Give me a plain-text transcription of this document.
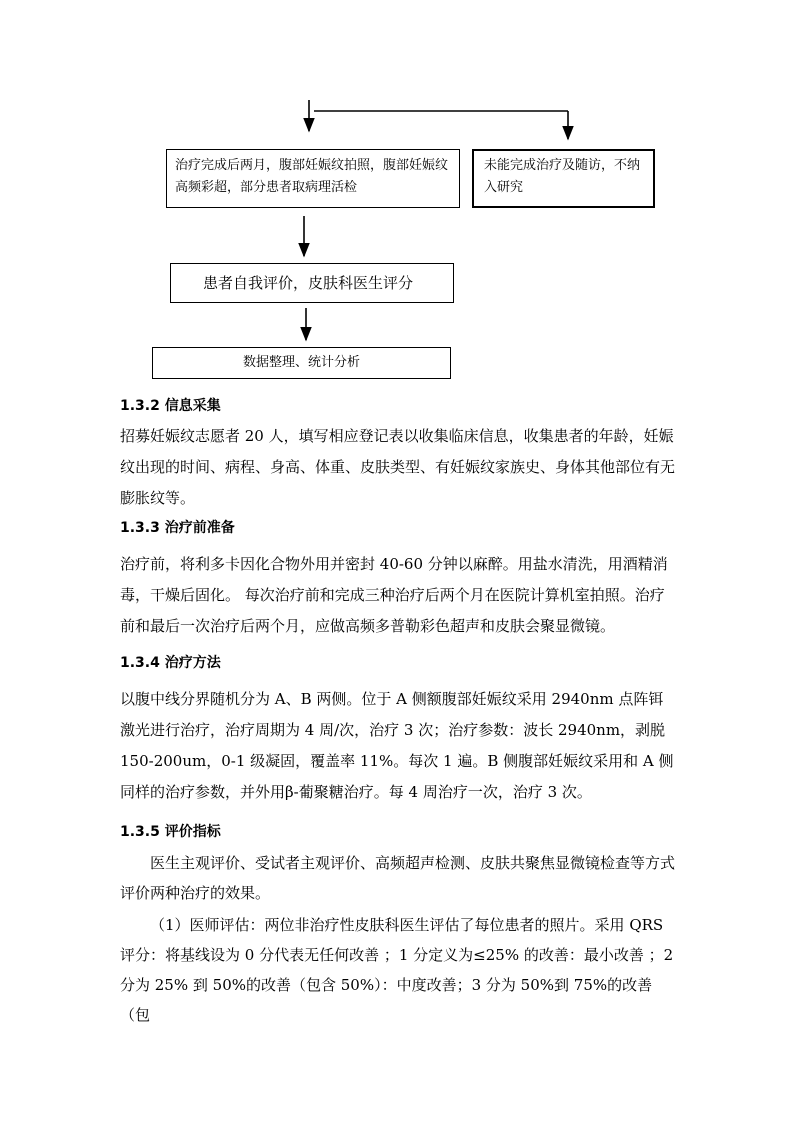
治疗完成后两月，腹部妊娠纹拍照，腹部妊娠纹高频彩超，部分患者取病理活检
未能完成治疗及随访，不纳入研究
患者自我评价，皮肤科医生评分
数据整理、统计分析
1.3.2 信息采集
招募妊娠纹志愿者 20 人，填写相应登记表以收集临床信息，收集患者的年龄，妊娠纹出现的时间、病程、身高、体重、皮肤类型、有妊娠纹家族史、身体其他部位有无膨胀纹等。
1.3.3 治疗前准备
治疗前，将利多卡因化合物外用并密封 40-60 分钟以麻醉。用盐水清洗，用酒精消毒，干燥后固化。 每次治疗前和完成三种治疗后两个月在医院计算机室拍照。治疗前和最后一次治疗后两个月，应做高频多普勒彩色超声和皮肤会聚显微镜。
1.3.4 治疗方法
以腹中线分界随机分为 A、B 两侧。位于 A 侧额腹部妊娠纹采用 2940nm 点阵铒激光进行治疗，治疗周期为 4 周/次，治疗 3 次；治疗参数：波长 2940nm，剥脱150-200um，0-1 级凝固，覆盖率 11%。每次 1 遍。B 侧腹部妊娠纹采用和 A 侧同样的治疗参数，并外用β-葡聚糖治疗。每 4 周治疗一次，治疗 3 次。
1.3.5 评价指标
医生主观评价、受试者主观评价、高频超声检测、皮肤共聚焦显微镜检查等方式评价两种治疗的效果。
（1）医师评估：两位非治疗性皮肤科医生评估了每位患者的照片。采用 QRS 评分：将基线设为 0 分代表无任何改善 ；1 分定义为≤25% 的改善：最小改善 ；2 分为 25% 到 50%的改善（包含 50%）：中度改善；3 分为 50%到 75%的改善（包
